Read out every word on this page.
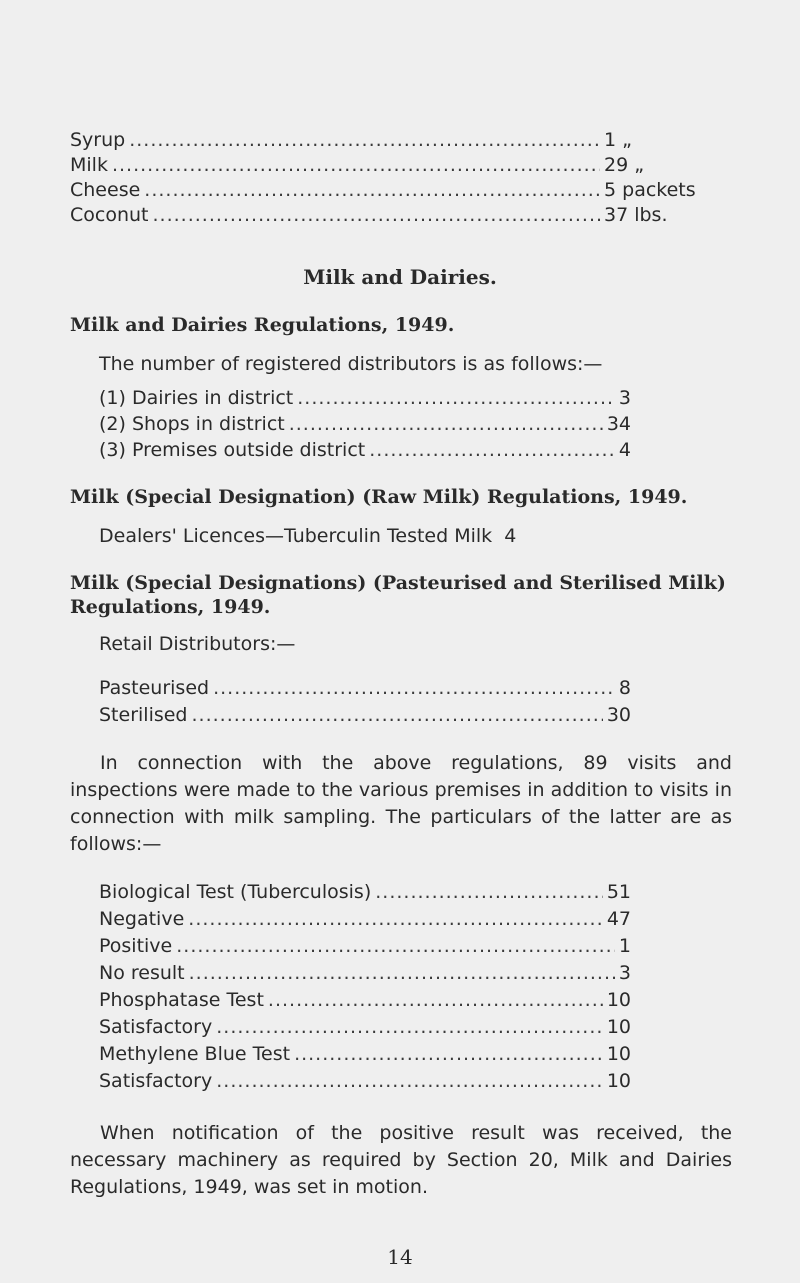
Syrup .....	1 „
Milk .....	29 „
Cheese .....	5 packets
Coconut .....	37 lbs.
Milk and Dairies.
Milk and Dairies Regulations, 1949.
The number of registered distributors is as follows:—
(1) Dairies in district .....	3
(2) Shops in district .....	34
(3) Premises outside district .....	4
Milk (Special Designation) (Raw Milk) Regulations, 1949.
Dealers' Licences—Tuberculin Tested Milk 4
Milk (Special Designations) (Pasteurised and Sterilised Milk)
Regulations, 1949.
Retail Distributors:—
Pasteurised .....	8
Sterilised .....	30
In connection with the above regulations, 89 visits and inspections were made to the various premises in addition to visits in connection with milk sampling. The particulars of the latter are as follows:—
Biological Test (Tuberculosis) .....	51
Negative .....	47
Positive .....	1
No result .....	3
Phosphatase Test .....	10
Satisfactory .....	10
Methylene Blue Test .....	10
Satisfactory .....	10
When notification of the positive result was received, the necessary machinery as required by Section 20, Milk and Dairies Regulations, 1949, was set in motion.
14
